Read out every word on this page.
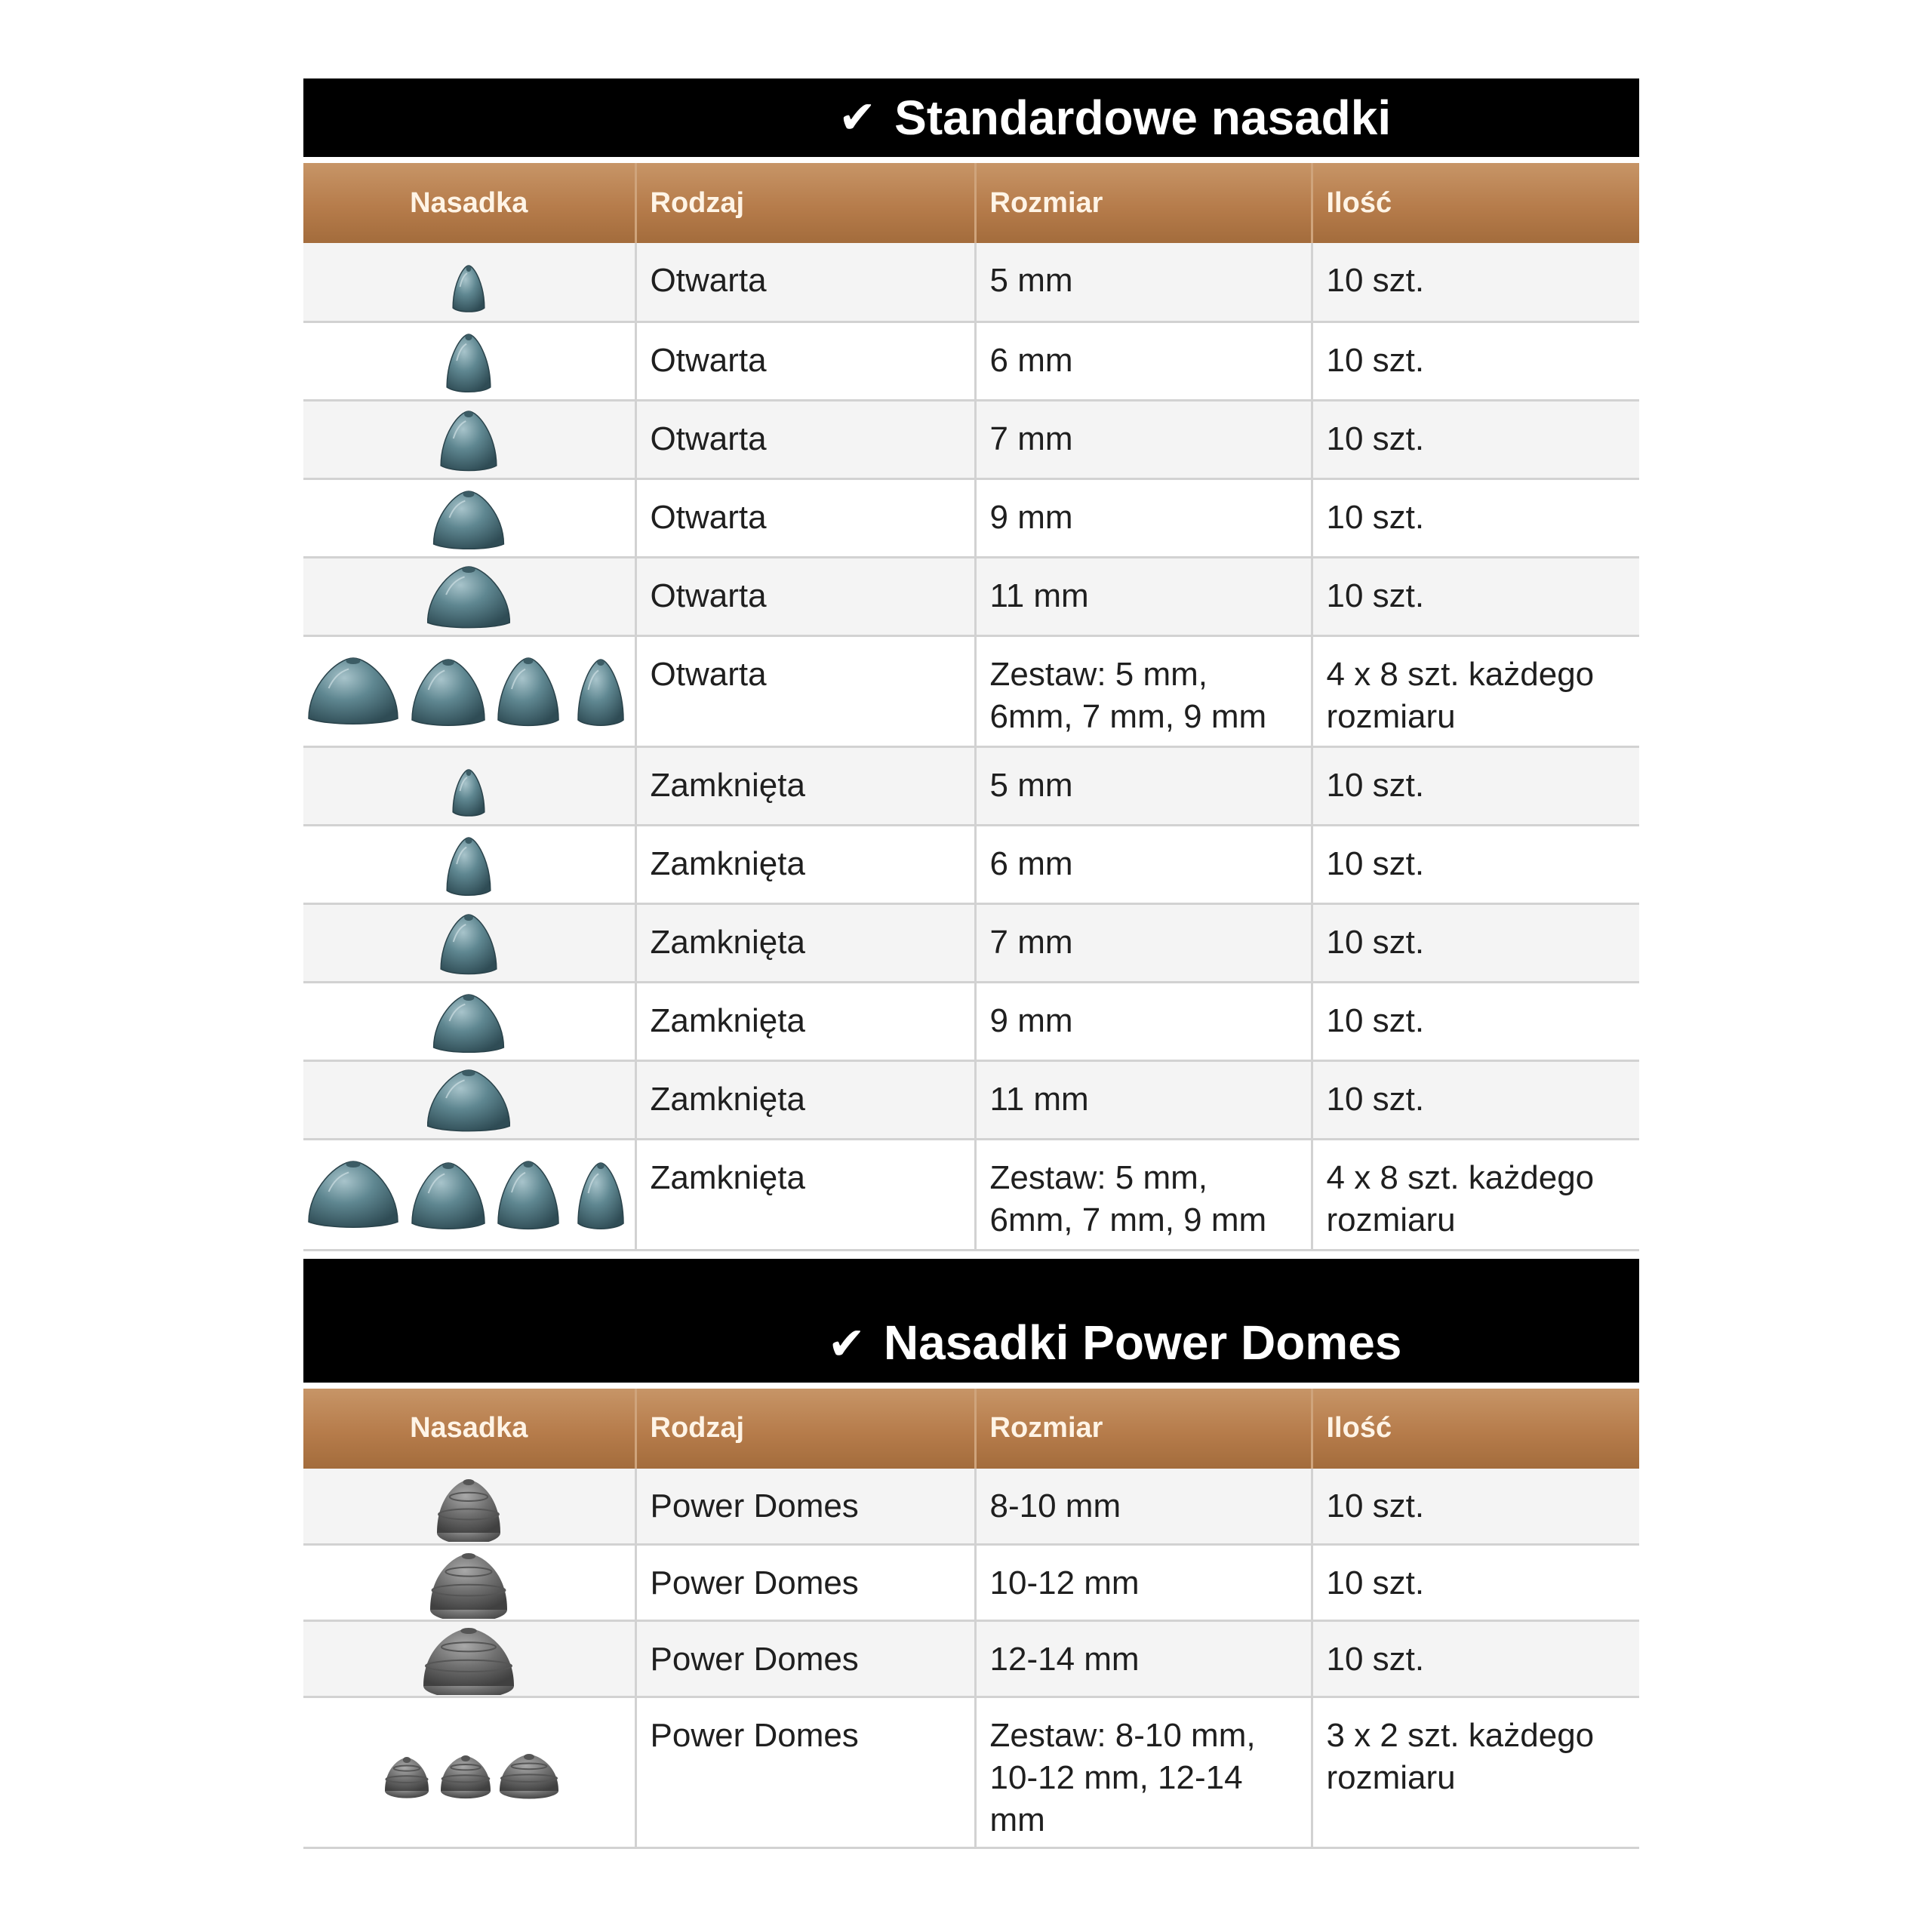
✔ Standardowe nasadki
Nasadka	Rodzaj	Rozmiar	Ilość

	Otwarta	5 mm	10 szt.

	Otwarta	6 mm	10 szt.

	Otwarta	7 mm	10 szt.

	Otwarta	9 mm	10 szt.

	Otwarta	11 mm	10 szt.

	Otwarta	Zestaw: 5 mm, 6mm, 7 mm, 9 mm	4 x 8 szt. każdego rozmiaru

	Zamknięta	5 mm	10 szt.

	Zamknięta	6 mm	10 szt.

	Zamknięta	7 mm	10 szt.

	Zamknięta	9 mm	10 szt.

	Zamknięta	11 mm	10 szt.

	Zamknięta	Zestaw: 5 mm, 6mm, 7 mm, 9 mm	4 x 8 szt. każdego rozmiaru
✔ Nasadki Power Domes
Nasadka	Rodzaj	Rozmiar	Ilość

	Power Domes	8-10 mm	10 szt.

	Power Domes	10-12 mm	10 szt.

	Power Domes	12-14 mm	10 szt.

	Power Domes	Zestaw: 8-10 mm, 10-12 mm, 12-14 mm	3 x 2 szt. każdego rozmiaru
